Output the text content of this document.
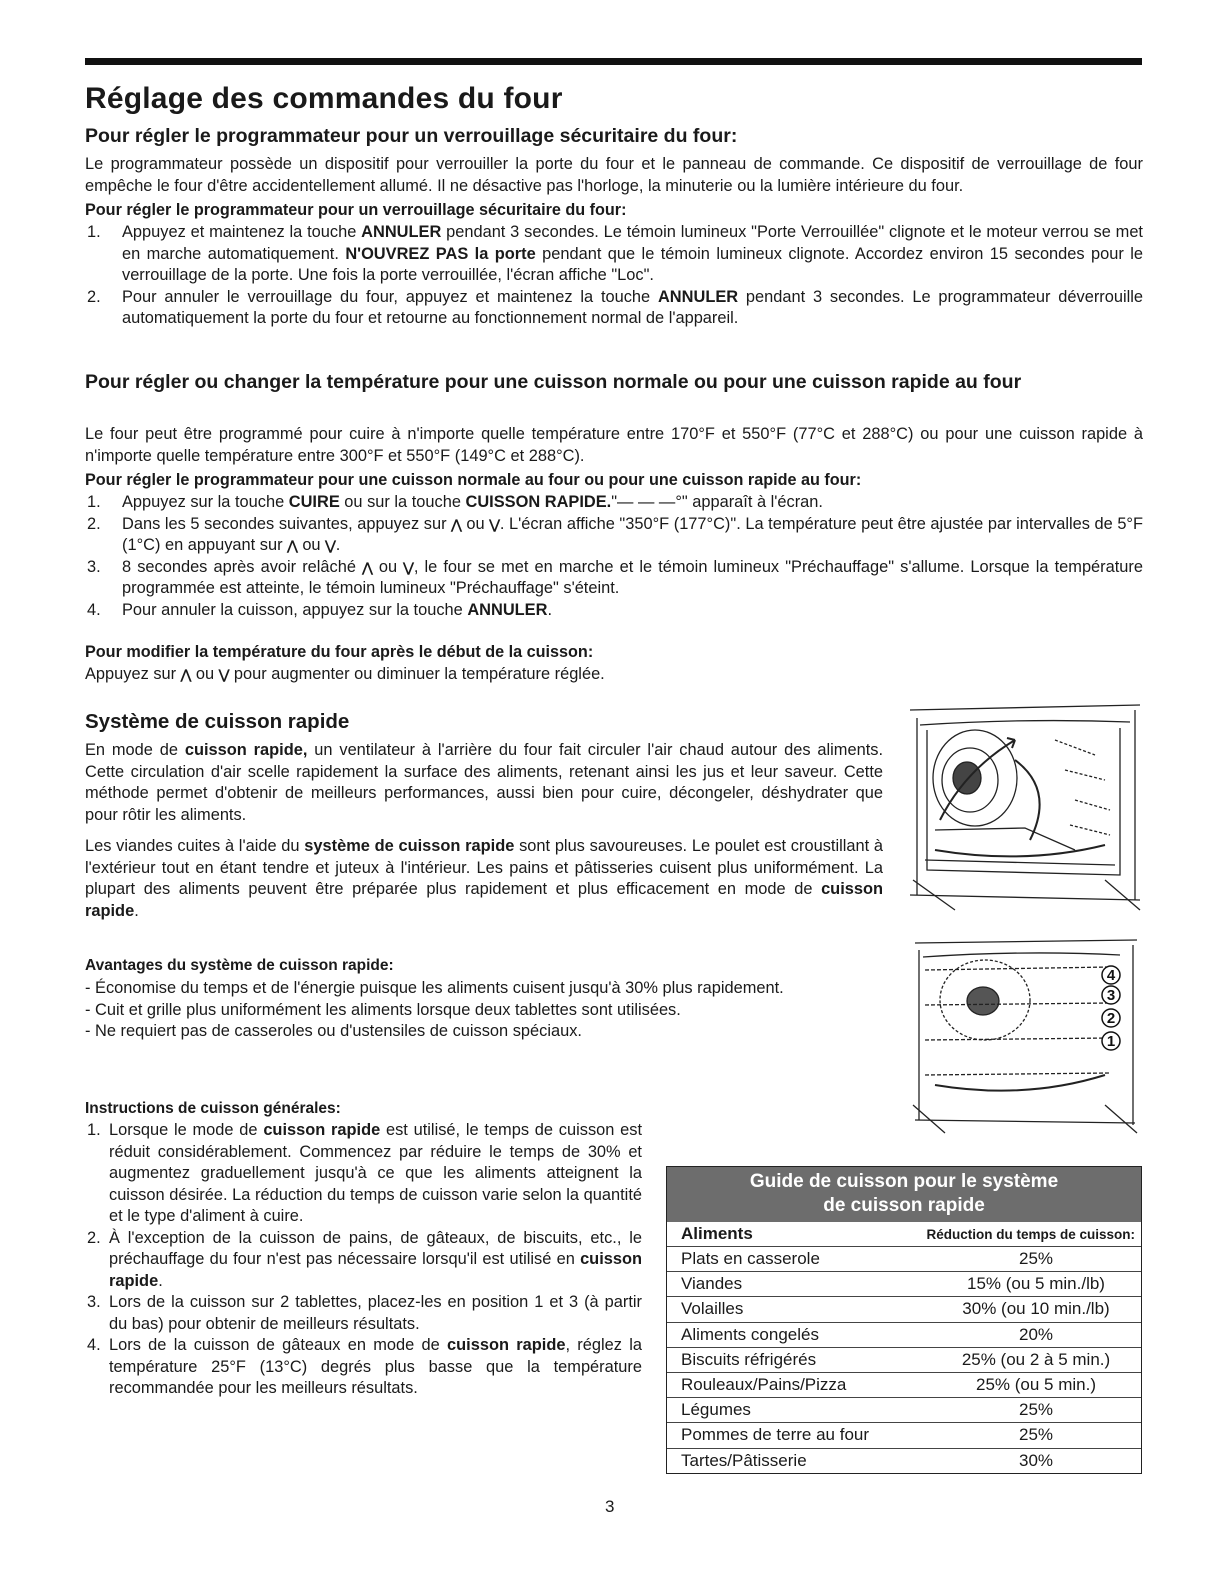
Réglage des commandes du four
Pour régler le programmateur pour un verrouillage sécuritaire du four:
Le programmateur possède un dispositif pour verrouiller la porte du four et le panneau de commande. Ce dispositif de verrouillage de four empêche le four d'être accidentellement allumé. Il ne désactive pas l'horloge, la minuterie ou la lumière intérieure du four.
Pour régler le programmateur pour un verrouillage sécuritaire du four:
1. Appuyez et maintenez la touche ANNULER pendant 3 secondes. Le témoin lumineux "Porte Verrouillée" clignote et le moteur verrou se met en marche automatiquement. N'OUVREZ PAS la porte pendant que le témoin lumineux clignote. Accordez environ 15 secondes pour le verrouillage de la porte. Une fois la porte verrouillée, l'écran affiche "Loc".
2. Pour annuler le verrouillage du four, appuyez et maintenez la touche ANNULER pendant 3 secondes. Le programmateur déverrouille automatiquement la porte du four et retourne au fonctionnement normal de l'appareil.
Pour régler ou changer la température pour une cuisson normale ou pour une cuisson rapide au four
Le four peut être programmé pour cuire à n'importe quelle température entre 170°F et 550°F (77°C et 288°C) ou pour une cuisson rapide à n'importe quelle température entre 300°F et 550°F (149°C et 288°C).
Pour régler le programmateur pour une cuisson normale au four ou pour une cuisson rapide au four:
1. Appuyez sur la touche CUIRE ou sur la touche CUISSON RAPIDE."— — —°" apparaît à l'écran.
2. Dans les 5 secondes suivantes, appuyez sur ⋀ ou ⋁. L'écran affiche "350°F (177°C)". La température peut être ajustée par intervalles de 5°F (1°C) en appuyant sur ⋀ ou ⋁.
3. 8 secondes après avoir relâché ⋀ ou ⋁, le four se met en marche et le témoin lumineux "Préchauffage" s'allume. Lorsque la température programmée est atteinte, le témoin lumineux "Préchauffage" s'éteint.
4. Pour annuler la cuisson, appuyez sur la touche ANNULER.
Pour modifier la température du four après le début de la cuisson:
Appuyez sur ⋀ ou ⋁ pour augmenter ou diminuer la température réglée.
Système de cuisson rapide
En mode de cuisson rapide, un ventilateur à l'arrière du four fait circuler l'air chaud autour des aliments. Cette circulation d'air scelle rapidement la surface des aliments, retenant ainsi les jus et leur saveur. Cette méthode permet d'obtenir de meilleurs performances, aussi bien pour cuire, décongeler, déshydrater que pour rôtir les aliments.
Les viandes cuites à l'aide du système de cuisson rapide sont plus savoureuses. Le poulet est croustillant à l'extérieur tout en étant tendre et juteux à l'intérieur. Les pains et pâtisseries cuisent plus uniformément. La plupart des aliments peuvent être préparée plus rapidement et plus efficacement en mode de cuisson rapide.
Avantages du système de cuisson rapide:
- Économise du temps et de l'énergie puisque les aliments cuisent jusqu'à 30% plus rapidement.
- Cuit et grille plus uniformément les aliments lorsque deux tablettes sont utilisées.
- Ne requiert pas de casseroles ou d'ustensiles de cuisson spéciaux.
Instructions de cuisson générales:
1. Lorsque le mode de cuisson rapide est utilisé, le temps de cuisson est réduit considérablement. Commencez par réduire le temps de 30% et augmentez graduellement jusqu'à ce que les aliments atteignent la cuisson désirée. La réduction du temps de cuisson varie selon la quantité et le type d'aliment à cuire.
2. À l'exception de la cuisson de pains, de gâteaux, de biscuits, etc., le préchauffage du four n'est pas nécessaire lorsqu'il est utilisé en cuisson rapide.
3. Lors de la cuisson sur 2 tablettes, placez-les en position 1 et 3 (à partir du bas) pour obtenir de meilleurs résultats.
4. Lors de la cuisson de gâteaux en mode de cuisson rapide, réglez la température 25°F (13°C) degrés plus basse que la température recommandée pour les meilleurs résultats.
4
3
2
1
Guide de cuisson pour le système
de cuisson rapide
Aliments	Réduction du temps de cuisson:
Plats en casserole	25%
Viandes	15% (ou 5 min./lb)
Volailles	30% (ou 10 min./lb)
Aliments congelés	20%
Biscuits réfrigérés	25% (ou 2 à 5 min.)
Rouleaux/Pains/Pizza	25% (ou 5 min.)
Légumes	25%
Pommes de terre au four	25%
Tartes/Pâtisserie	30%
3
